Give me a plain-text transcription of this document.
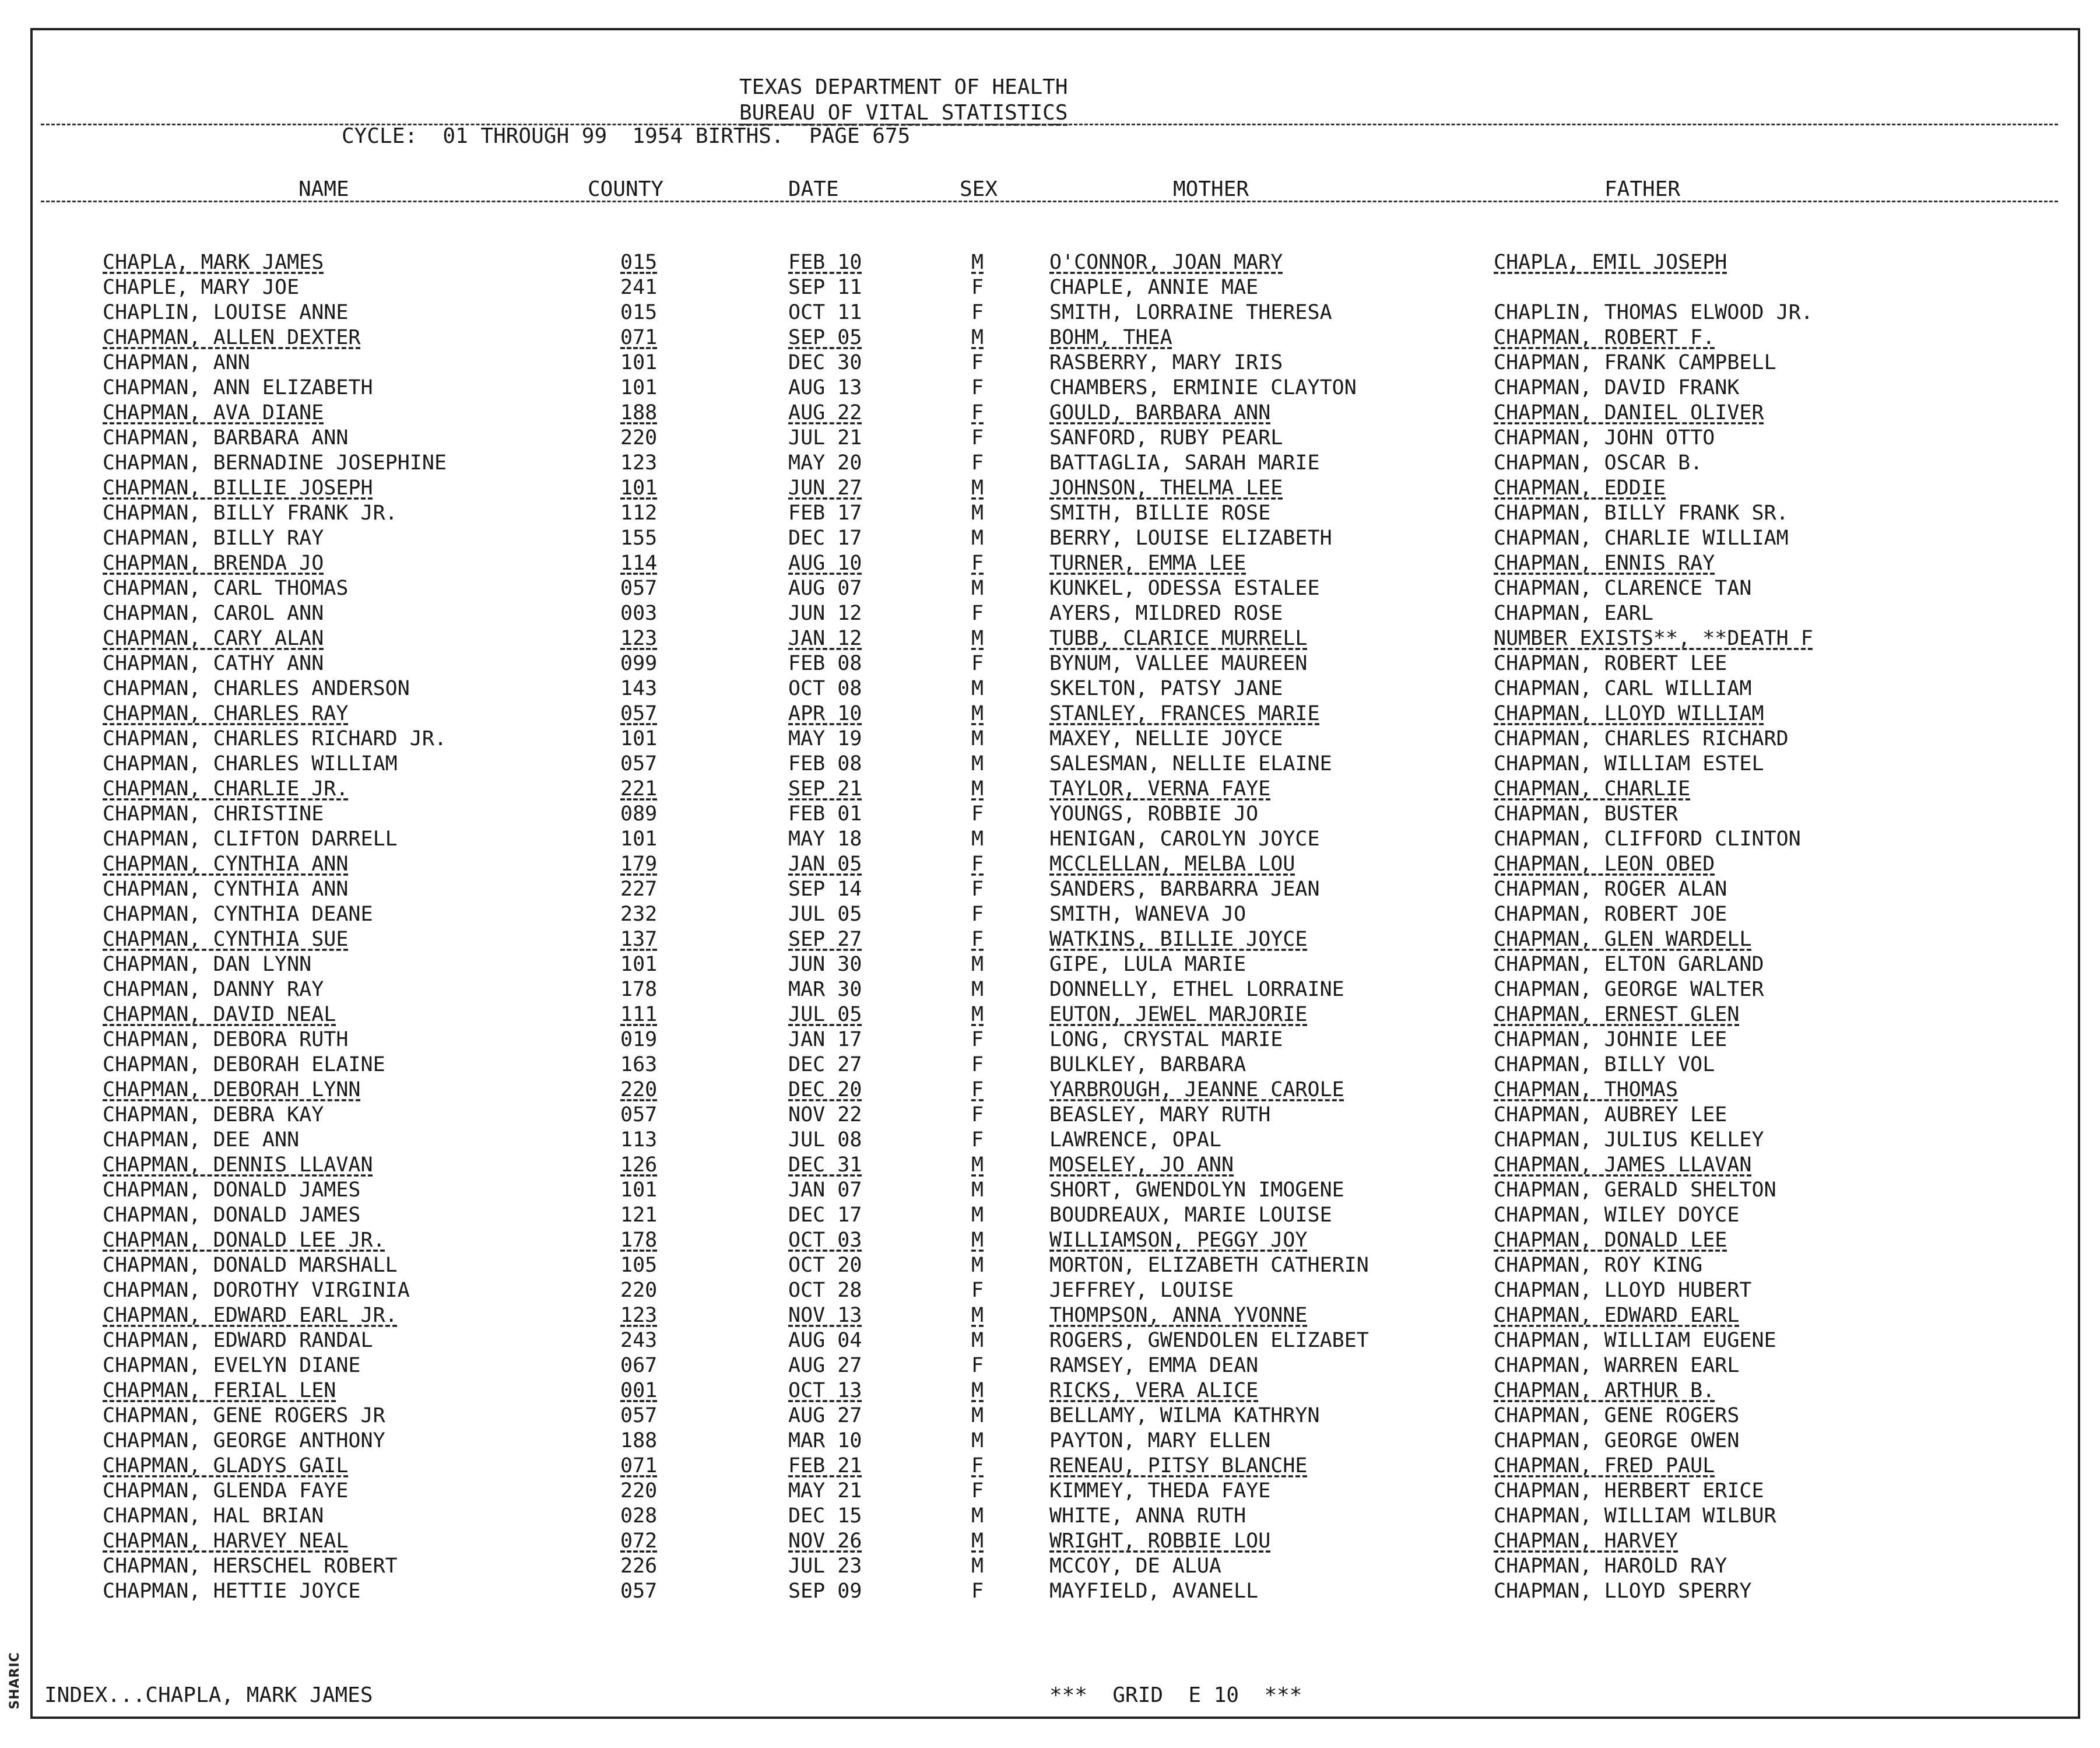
TEXAS DEPARTMENT OF HEALTH
BUREAU OF VITAL STATISTICS
CYCLE:  01 THROUGH 99  1954 BIRTHS.  PAGE 675
NAME	COUNTY	DATE	SEX	MOTHER	FATHER
CHAPLA, MARK JAMES	015	FEB 10	M	O'CONNOR, JOAN MARY	CHAPLA, EMIL JOSEPH
CHAPLE, MARY JOE	241	SEP 11	F	CHAPLE, ANNIE MAE
CHAPLIN, LOUISE ANNE	015	OCT 11	F	SMITH, LORRAINE THERESA	CHAPLIN, THOMAS ELWOOD JR.
CHAPMAN, ALLEN DEXTER	071	SEP 05	M	BOHM, THEA	CHAPMAN, ROBERT F.
CHAPMAN, ANN	101	DEC 30	F	RASBERRY, MARY IRIS	CHAPMAN, FRANK CAMPBELL
CHAPMAN, ANN ELIZABETH	101	AUG 13	F	CHAMBERS, ERMINIE CLAYTON	CHAPMAN, DAVID FRANK
CHAPMAN, AVA DIANE	188	AUG 22	F	GOULD, BARBARA ANN	CHAPMAN, DANIEL OLIVER
CHAPMAN, BARBARA ANN	220	JUL 21	F	SANFORD, RUBY PEARL	CHAPMAN, JOHN OTTO
CHAPMAN, BERNADINE JOSEPHINE	123	MAY 20	F	BATTAGLIA, SARAH MARIE	CHAPMAN, OSCAR B.
CHAPMAN, BILLIE JOSEPH	101	JUN 27	M	JOHNSON, THELMA LEE	CHAPMAN, EDDIE
CHAPMAN, BILLY FRANK JR.	112	FEB 17	M	SMITH, BILLIE ROSE	CHAPMAN, BILLY FRANK SR.
CHAPMAN, BILLY RAY	155	DEC 17	M	BERRY, LOUISE ELIZABETH	CHAPMAN, CHARLIE WILLIAM
CHAPMAN, BRENDA JO	114	AUG 10	F	TURNER, EMMA LEE	CHAPMAN, ENNIS RAY
CHAPMAN, CARL THOMAS	057	AUG 07	M	KUNKEL, ODESSA ESTALEE	CHAPMAN, CLARENCE TAN
CHAPMAN, CAROL ANN	003	JUN 12	F	AYERS, MILDRED ROSE	CHAPMAN, EARL
CHAPMAN, CARY ALAN	123	JAN 12	M	TUBB, CLARICE MURRELL	NUMBER EXISTS**, **DEATH F
CHAPMAN, CATHY ANN	099	FEB 08	F	BYNUM, VALLEE MAUREEN	CHAPMAN, ROBERT LEE
CHAPMAN, CHARLES ANDERSON	143	OCT 08	M	SKELTON, PATSY JANE	CHAPMAN, CARL WILLIAM
CHAPMAN, CHARLES RAY	057	APR 10	M	STANLEY, FRANCES MARIE	CHAPMAN, LLOYD WILLIAM
CHAPMAN, CHARLES RICHARD JR.	101	MAY 19	M	MAXEY, NELLIE JOYCE	CHAPMAN, CHARLES RICHARD
CHAPMAN, CHARLES WILLIAM	057	FEB 08	M	SALESMAN, NELLIE ELAINE	CHAPMAN, WILLIAM ESTEL
CHAPMAN, CHARLIE JR.	221	SEP 21	M	TAYLOR, VERNA FAYE	CHAPMAN, CHARLIE
CHAPMAN, CHRISTINE	089	FEB 01	F	YOUNGS, ROBBIE JO	CHAPMAN, BUSTER
CHAPMAN, CLIFTON DARRELL	101	MAY 18	M	HENIGAN, CAROLYN JOYCE	CHAPMAN, CLIFFORD CLINTON
CHAPMAN, CYNTHIA ANN	179	JAN 05	F	MCCLELLAN, MELBA LOU	CHAPMAN, LEON OBED
CHAPMAN, CYNTHIA ANN	227	SEP 14	F	SANDERS, BARBARRA JEAN	CHAPMAN, ROGER ALAN
CHAPMAN, CYNTHIA DEANE	232	JUL 05	F	SMITH, WANEVA JO	CHAPMAN, ROBERT JOE
CHAPMAN, CYNTHIA SUE	137	SEP 27	F	WATKINS, BILLIE JOYCE	CHAPMAN, GLEN WARDELL
CHAPMAN, DAN LYNN	101	JUN 30	M	GIPE, LULA MARIE	CHAPMAN, ELTON GARLAND
CHAPMAN, DANNY RAY	178	MAR 30	M	DONNELLY, ETHEL LORRAINE	CHAPMAN, GEORGE WALTER
CHAPMAN, DAVID NEAL	111	JUL 05	M	EUTON, JEWEL MARJORIE	CHAPMAN, ERNEST GLEN
CHAPMAN, DEBORA RUTH	019	JAN 17	F	LONG, CRYSTAL MARIE	CHAPMAN, JOHNIE LEE
CHAPMAN, DEBORAH ELAINE	163	DEC 27	F	BULKLEY, BARBARA	CHAPMAN, BILLY VOL
CHAPMAN, DEBORAH LYNN	220	DEC 20	F	YARBROUGH, JEANNE CAROLE	CHAPMAN, THOMAS
CHAPMAN, DEBRA KAY	057	NOV 22	F	BEASLEY, MARY RUTH	CHAPMAN, AUBREY LEE
CHAPMAN, DEE ANN	113	JUL 08	F	LAWRENCE, OPAL	CHAPMAN, JULIUS KELLEY
CHAPMAN, DENNIS LLAVAN	126	DEC 31	M	MOSELEY, JO ANN	CHAPMAN, JAMES LLAVAN
CHAPMAN, DONALD JAMES	101	JAN 07	M	SHORT, GWENDOLYN IMOGENE	CHAPMAN, GERALD SHELTON
CHAPMAN, DONALD JAMES	121	DEC 17	M	BOUDREAUX, MARIE LOUISE	CHAPMAN, WILEY DOYCE
CHAPMAN, DONALD LEE JR.	178	OCT 03	M	WILLIAMSON, PEGGY JOY	CHAPMAN, DONALD LEE
CHAPMAN, DONALD MARSHALL	105	OCT 20	M	MORTON, ELIZABETH CATHERIN	CHAPMAN, ROY KING
CHAPMAN, DOROTHY VIRGINIA	220	OCT 28	F	JEFFREY, LOUISE	CHAPMAN, LLOYD HUBERT
CHAPMAN, EDWARD EARL JR.	123	NOV 13	M	THOMPSON, ANNA YVONNE	CHAPMAN, EDWARD EARL
CHAPMAN, EDWARD RANDAL	243	AUG 04	M	ROGERS, GWENDOLEN ELIZABET	CHAPMAN, WILLIAM EUGENE
CHAPMAN, EVELYN DIANE	067	AUG 27	F	RAMSEY, EMMA DEAN	CHAPMAN, WARREN EARL
CHAPMAN, FERIAL LEN	001	OCT 13	M	RICKS, VERA ALICE	CHAPMAN, ARTHUR B.
CHAPMAN, GENE ROGERS JR	057	AUG 27	M	BELLAMY, WILMA KATHRYN	CHAPMAN, GENE ROGERS
CHAPMAN, GEORGE ANTHONY	188	MAR 10	M	PAYTON, MARY ELLEN	CHAPMAN, GEORGE OWEN
CHAPMAN, GLADYS GAIL	071	FEB 21	F	RENEAU, PITSY BLANCHE	CHAPMAN, FRED PAUL
CHAPMAN, GLENDA FAYE	220	MAY 21	F	KIMMEY, THEDA FAYE	CHAPMAN, HERBERT ERICE
CHAPMAN, HAL BRIAN	028	DEC 15	M	WHITE, ANNA RUTH	CHAPMAN, WILLIAM WILBUR
CHAPMAN, HARVEY NEAL	072	NOV 26	M	WRIGHT, ROBBIE LOU	CHAPMAN, HARVEY
CHAPMAN, HERSCHEL ROBERT	226	JUL 23	M	MCCOY, DE ALUA	CHAPMAN, HAROLD RAY
CHAPMAN, HETTIE JOYCE	057	SEP 09	F	MAYFIELD, AVANELL	CHAPMAN, LLOYD SPERRY
INDEX...CHAPLA, MARK JAMES	***  GRID  E 10  ***
SHARIC
